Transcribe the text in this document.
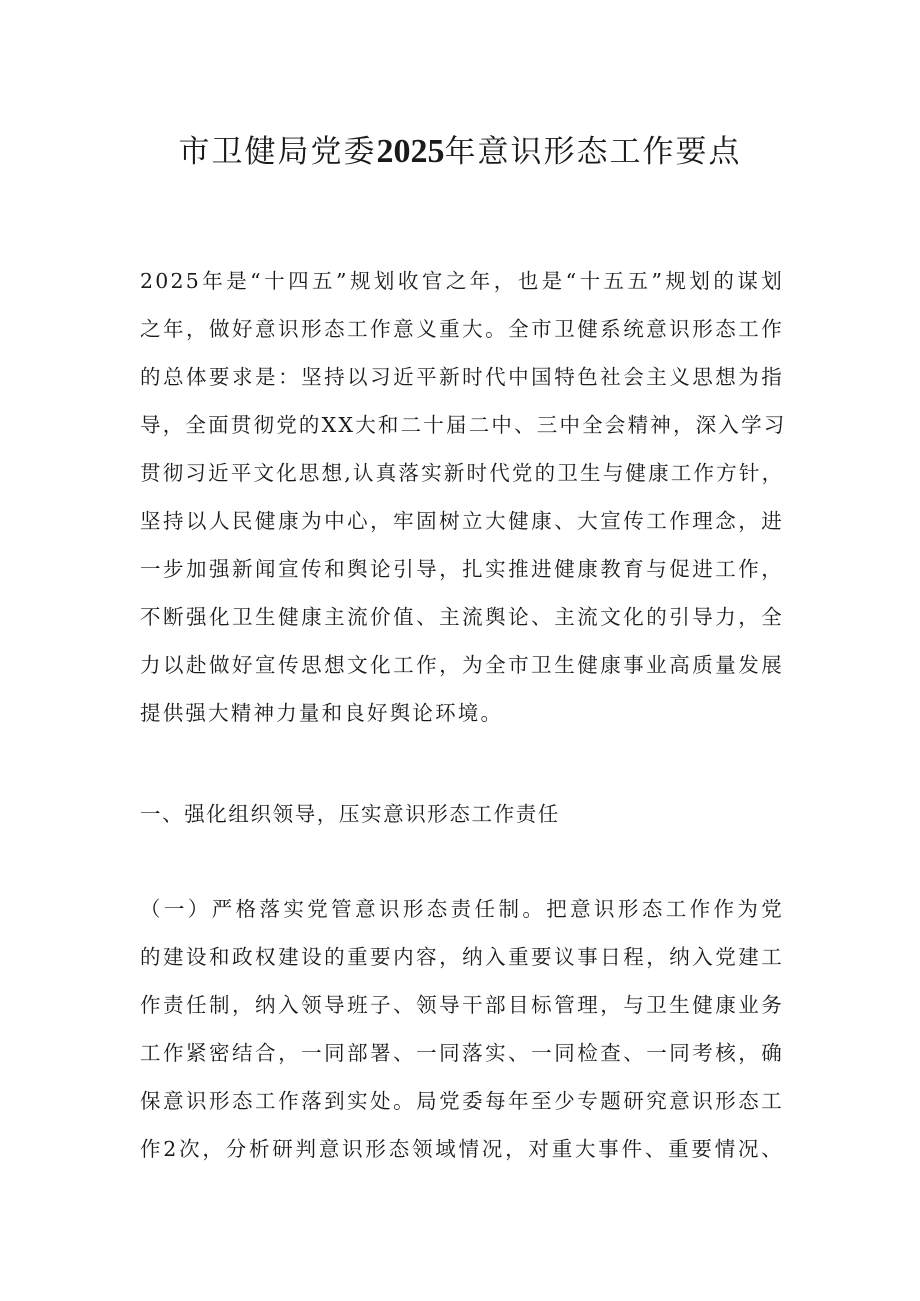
市卫健局党委2025年意识形态工作要点
2025年是“十四五”规划收官之年，也是“十五五”规划的谋划
之年，做好意识形态工作意义重大。全市卫健系统意识形态工作
的总体要求是：坚持以习近平新时代中国特色社会主义思想为指
导，全面贯彻党的XX大和二十届二中、三中全会精神，深入学习
贯彻习近平文化思想,认真落实新时代党的卫生与健康工作方针，
坚持以人民健康为中心，牢固树立大健康、大宣传工作理念，进
一步加强新闻宣传和舆论引导，扎实推进健康教育与促进工作，
不断强化卫生健康主流价值、主流舆论、主流文化的引导力，全
力以赴做好宣传思想文化工作，为全市卫生健康事业高质量发展
提供强大精神力量和良好舆论环境。
一、强化组织领导，压实意识形态工作责任
（一）严格落实党管意识形态责任制。把意识形态工作作为党
的建设和政权建设的重要内容，纳入重要议事日程，纳入党建工
作责任制，纳入领导班子、领导干部目标管理，与卫生健康业务
工作紧密结合，一同部署、一同落实、一同检查、一同考核，确
保意识形态工作落到实处。局党委每年至少专题研究意识形态工
作2次，分析研判意识形态领域情况，对重大事件、重要情况、
